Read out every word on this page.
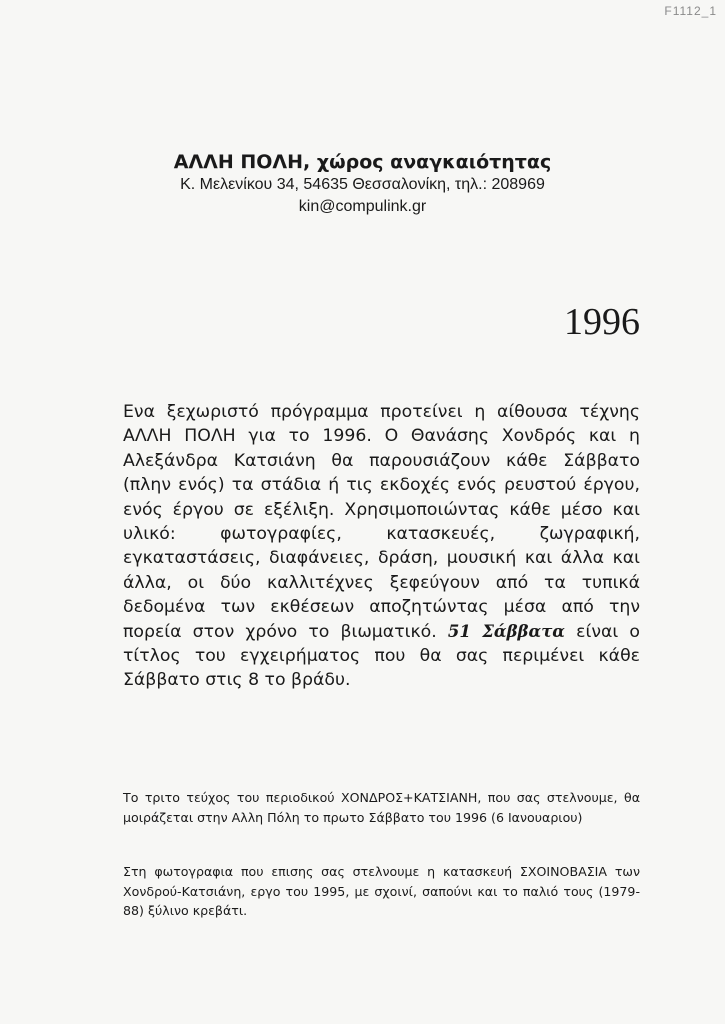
F1112_1

ΑΛΛΗ ΠΟΛΗ, χώρος αναγκαιότητας

Κ. Μελενίκου 34, 54635 Θεσσαλονίκη, τηλ.: 208969
kin@compulink.gr
1996

Ενα ξεχωριστό πρόγραμμα προτείνει η αίθουσα τέχνης ΑΛΛΗ ΠΟΛΗ για το 1996. Ο Θανάσης Χονδρός και η Αλεξάνδρα Κατσιάνη θα παρουσιάζουν κάθε Σάββατο (πλην ενός) τα στάδια ή τις εκδοχές ενός ρευστού έργου, ενός έργου σε εξέλιξη. Χρησιμοποιώντας κάθε μέσο και υλικό: φωτογραφίες, κατασκευές, ζωγραφική, εγκαταστάσεις, διαφάνειες, δράση, μουσική και άλλα και άλλα, οι δύο καλλιτέχνες ξεφεύγουν από τα τυπικά δεδομένα των εκθέσεων αποζητώντας μέσα από την πορεία στον χρόνο το βιωματικό. 51 Σάββατα είναι ο τίτλος του εγχειρήματος που θα σας περιμένει κάθε Σάββατο στις 8 το βράδυ.

Το τριτο τεύχος του περιοδικού ΧΟΝΔΡΟΣ+ΚΑΤΣΙΑΝΗ, που σας στελνουμε, θα μοιράζεται στην Αλλη Πόλη το πρωτο Σάββατο του 1996 (6 Ιανουαριου)
Στη φωτογραφια που επισης σας στελνουμε η κατασκευή ΣΧΟΙΝΟΒΑΣΙΑ των Χονδρού-Κατσιάνη, εργο του 1995, με σχοινί, σαπούνι και το παλιό τους (1979-88) ξύλινο κρεβάτι.
